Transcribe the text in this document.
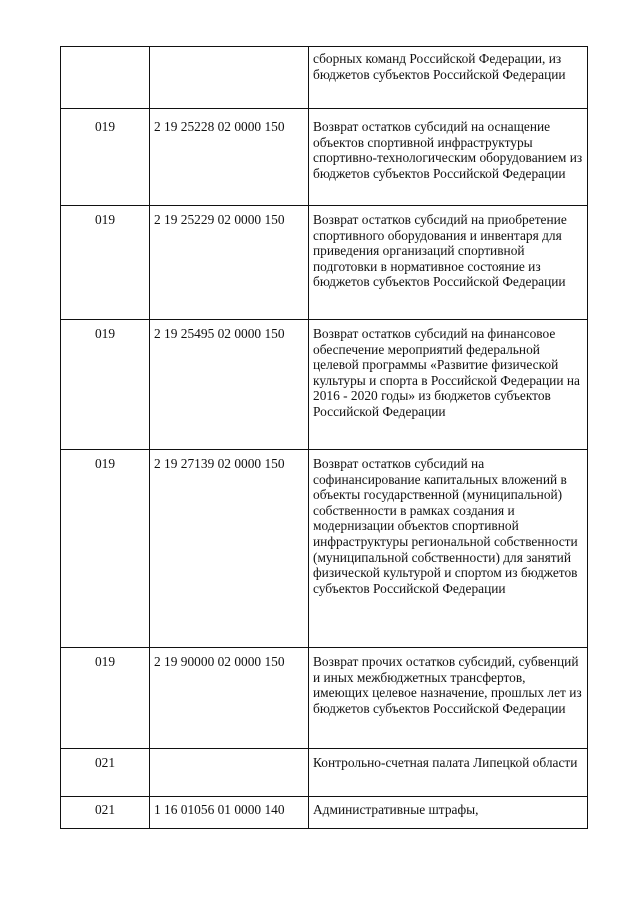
		сборных команд Российской Федерации, из бюджетов субъектов Российской Федерации
019	2 19 25228 02 0000 150	Возврат остатков субсидий на оснащение объектов спортивной инфраструктуры спортивно-технологическим оборудованием из бюджетов субъектов Российской Федерации
019	2 19 25229 02 0000 150	Возврат остатков субсидий на приобретение спортивного оборудования и инвентаря для приведения организаций спортивной подготовки в нормативное состояние из бюджетов субъектов Российской Федерации
019	2 19 25495 02 0000 150	Возврат остатков субсидий на финансовое обеспечение мероприятий федеральной целевой программы «Развитие физической культуры и спорта в Российской Федерации на 2016 - 2020 годы» из бюджетов субъектов Российской Федерации
019	2 19 27139 02 0000 150	Возврат остатков субсидий на софинансирование капитальных вложений в объекты государственной (муниципальной) собственности в рамках создания и модернизации объектов спортивной инфраструктуры региональной собственности (муниципальной собственности) для занятий физической культурой и спортом из бюджетов субъектов Российской Федерации
019	2 19 90000 02 0000 150	Возврат прочих остатков субсидий, субвенций и иных межбюджетных трансфертов, имеющих целевое назначение, прошлых лет из бюджетов субъектов Российской Федерации
021		Контрольно-счетная палата Липецкой области
021	1 16 01056 01 0000 140	Административные штрафы,
